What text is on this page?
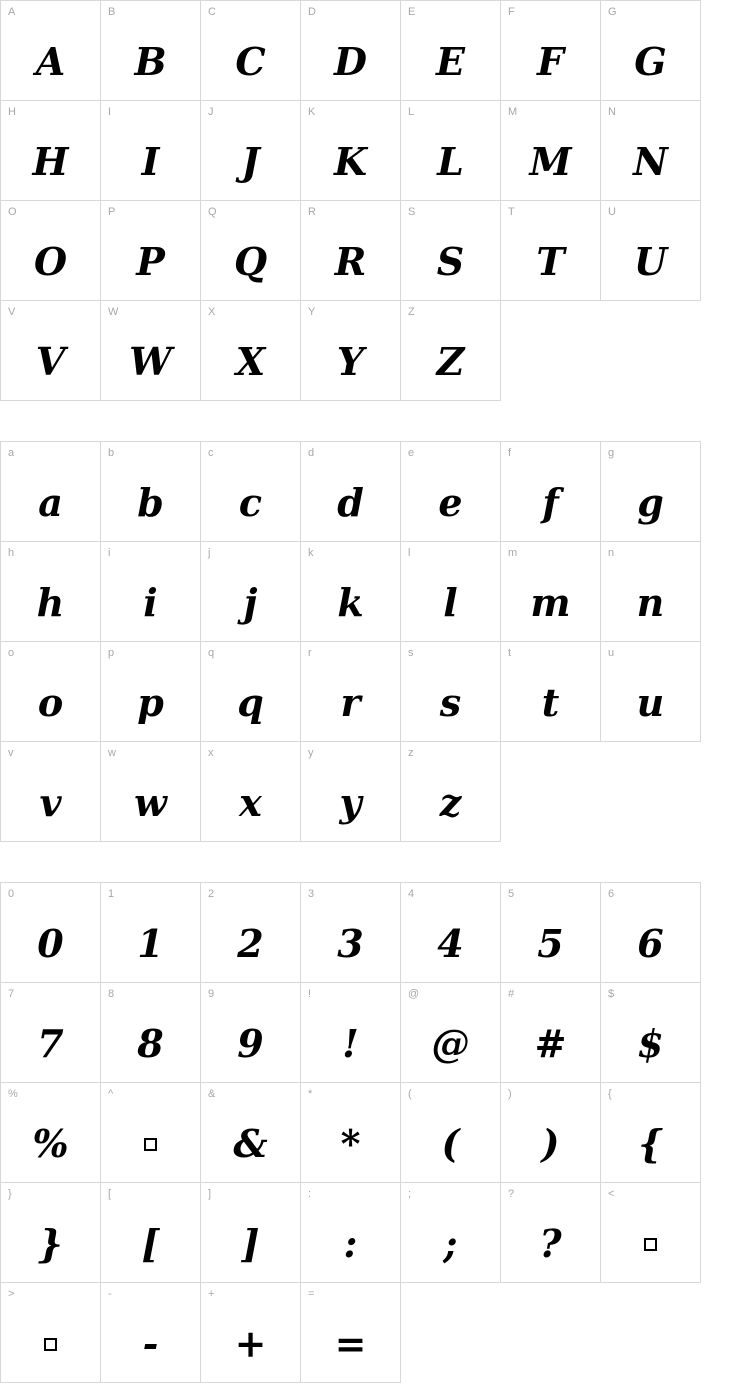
A
A
B
B
C
C
D
D
E
E
F
F
G
G
H
H
I
I
J
J
K
K
L
L
M
M
N
N
O
O
P
P
Q
Q
R
R
S
S
T
T
U
U
V
V
W
W
X
X
Y
Y
Z
Z
a
a
b
b
c
c
d
d
e
e
f
f
g
g
h
h
i
i
j
j
k
k
l
l
m
m
n
n
o
o
p
p
q
q
r
r
s
s
t
t
u
u
v
v
w
w
x
x
y
y
z
z
0
0
1
1
2
2
3
3
4
4
5
5
6
6
7
7
8
8
9
9
!
!
@
@
#
#
$
$
%
%
^	&
&
*
*
(
(
)
)
{
{
}
}
[
[
]
]
:
:
;
;
?
?
<
>	-
-
+
+
=
=
